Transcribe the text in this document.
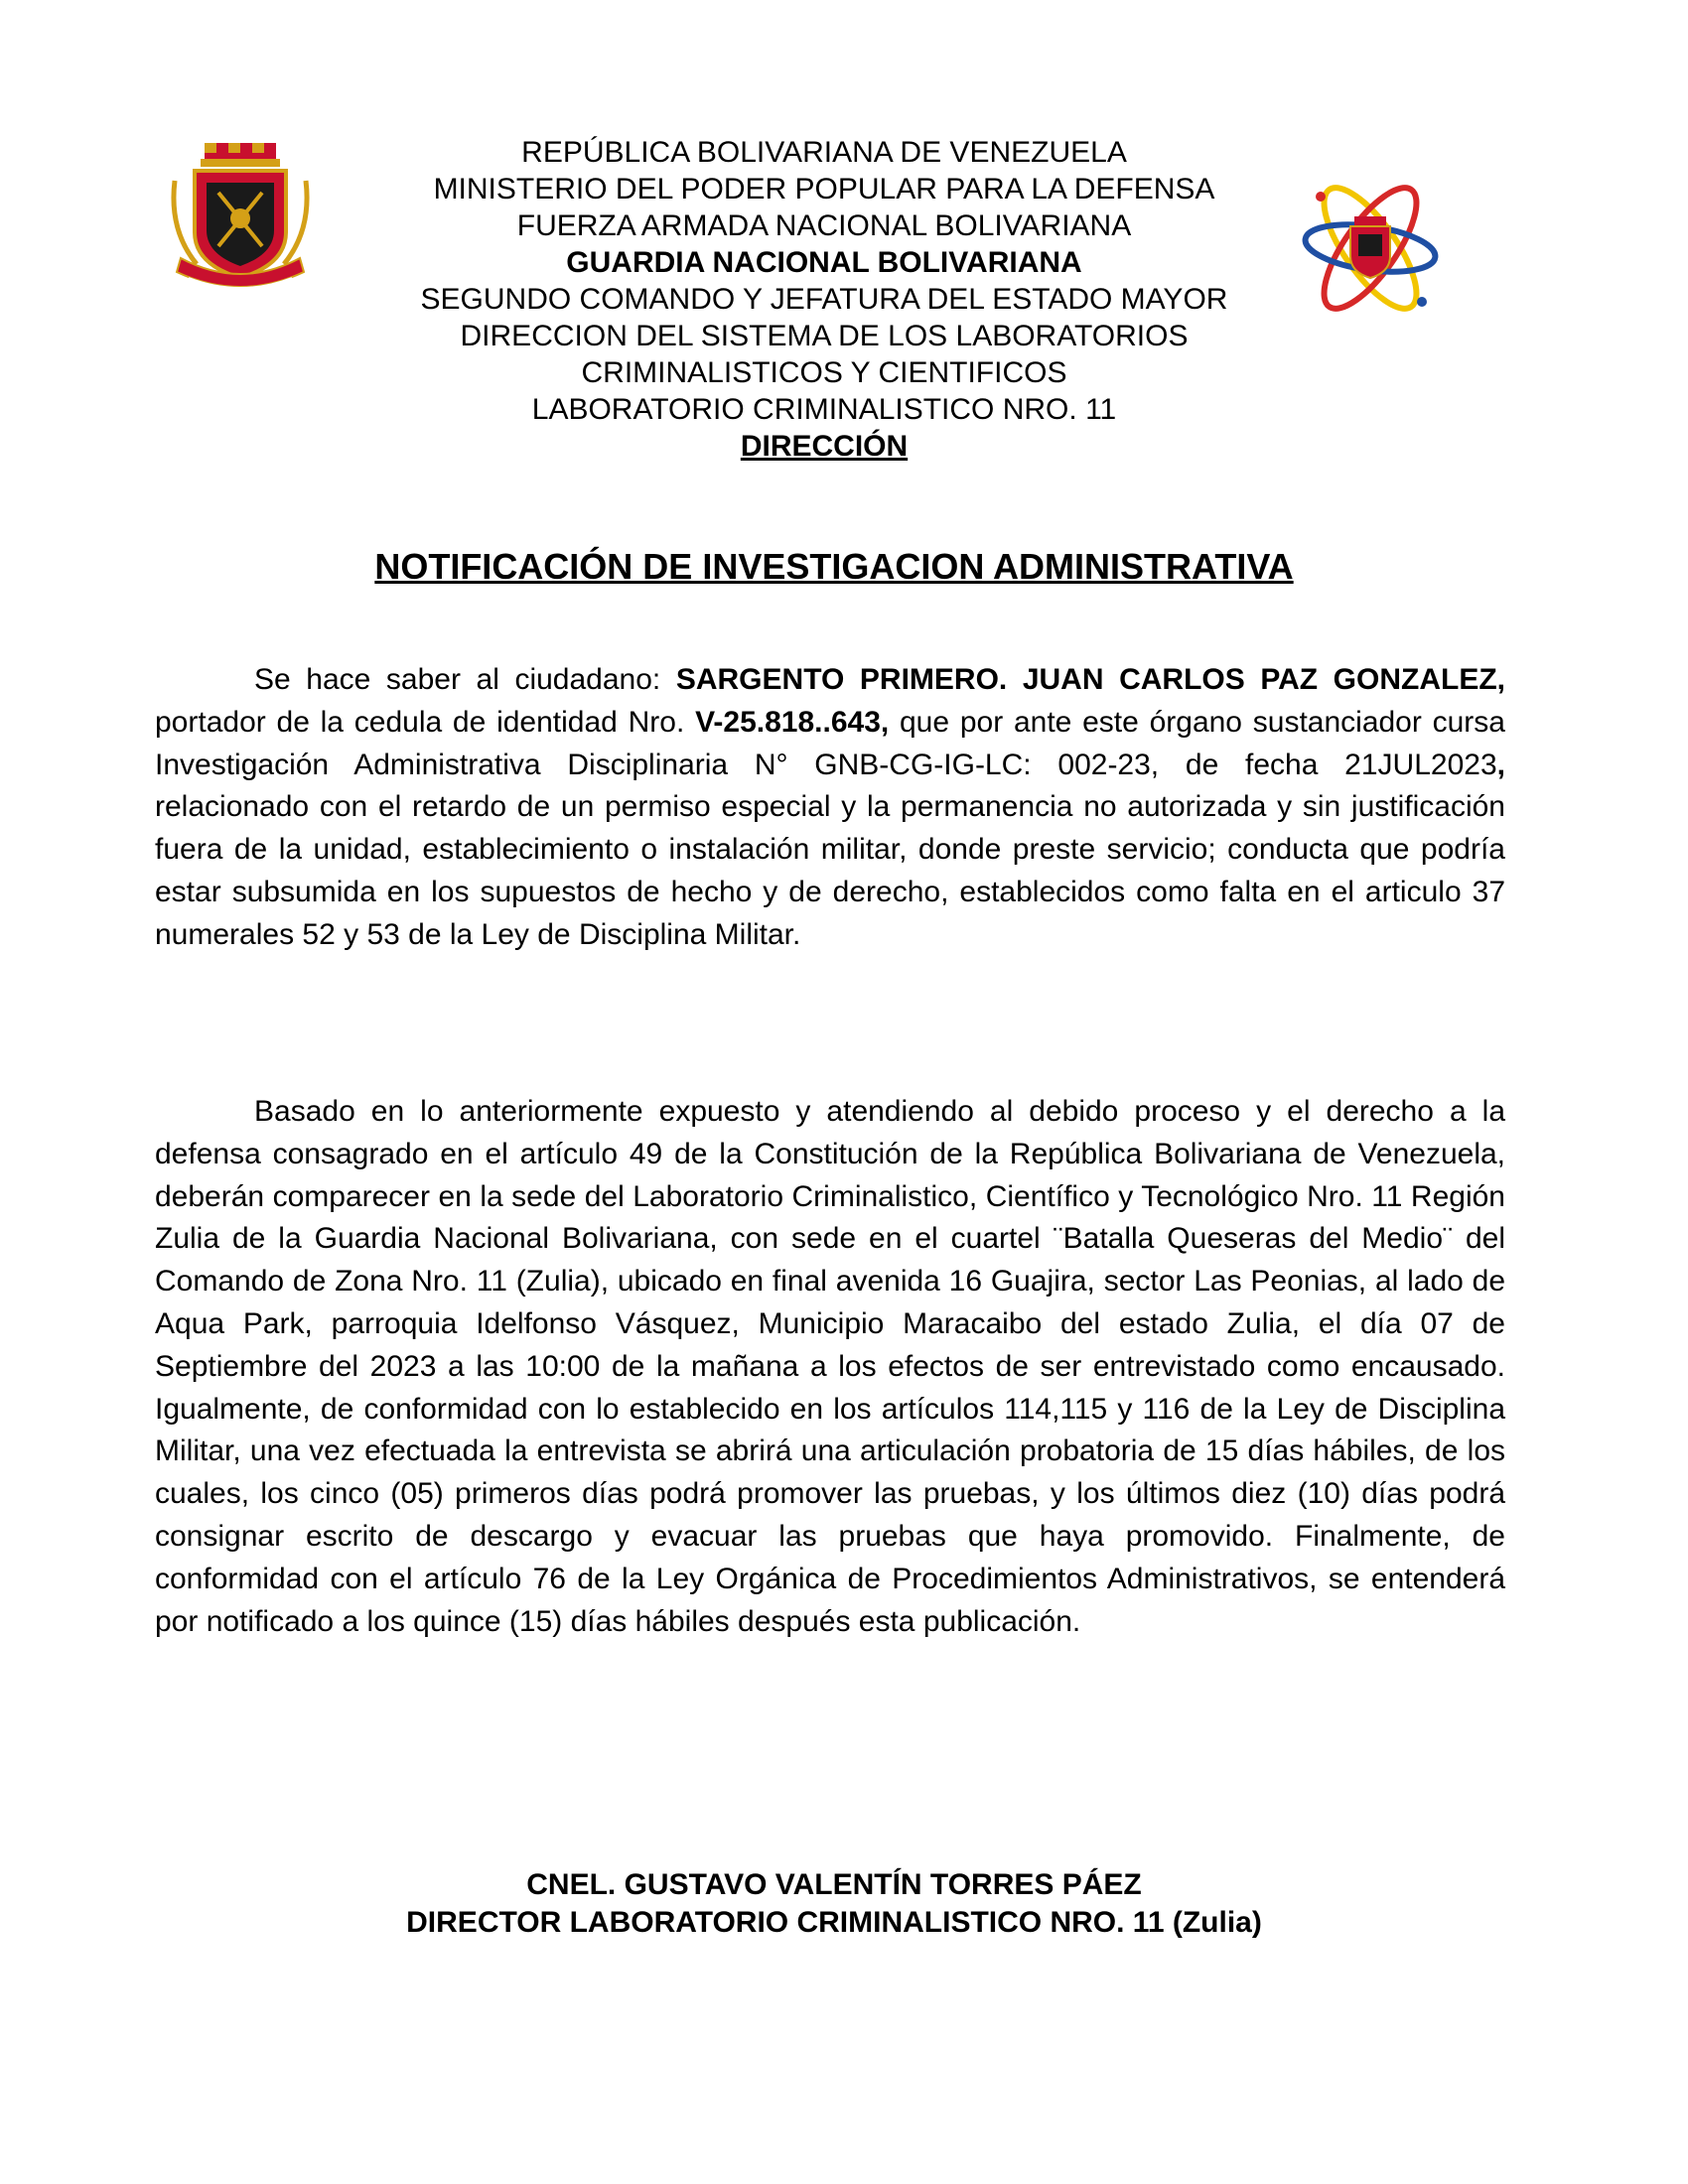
REPÚBLICA BOLIVARIANA DE VENEZUELA
MINISTERIO DEL PODER POPULAR PARA LA DEFENSA
FUERZA ARMADA NACIONAL BOLIVARIANA
GUARDIA NACIONAL BOLIVARIANA
SEGUNDO COMANDO Y JEFATURA DEL ESTADO MAYOR
DIRECCION DEL SISTEMA DE LOS LABORATORIOS
CRIMINALISTICOS Y CIENTIFICOS
LABORATORIO CRIMINALISTICO NRO. 11
DIRECCIÓN
NOTIFICACIÓN DE INVESTIGACION ADMINISTRATIVA
Se hace saber al ciudadano: SARGENTO PRIMERO. JUAN CARLOS PAZ GONZALEZ, portador de la cedula de identidad Nro. V-25.818..643, que por ante este órgano sustanciador cursa Investigación Administrativa Disciplinaria N° GNB-CG-IG-LC: 002-23, de fecha 21JUL2023, relacionado con el retardo de un permiso especial y la permanencia no autorizada y sin justificación fuera de la unidad, establecimiento o instalación militar, donde preste servicio; conducta que podría estar subsumida en los supuestos de hecho y de derecho, establecidos como falta en el articulo 37 numerales 52 y 53 de la Ley de Disciplina Militar.
Basado en lo anteriormente expuesto y atendiendo al debido proceso y el derecho a la defensa consagrado en el artículo 49 de la Constitución de la República Bolivariana de Venezuela, deberán comparecer en la sede del Laboratorio Criminalistico, Científico y Tecnológico Nro. 11 Región Zulia de la Guardia Nacional Bolivariana, con sede en el cuartel ¨Batalla Queseras del Medio¨ del Comando de Zona Nro. 11 (Zulia), ubicado en final avenida 16 Guajira, sector Las Peonias, al lado de Aqua Park, parroquia Idelfonso Vásquez, Municipio Maracaibo del estado Zulia, el día 07 de Septiembre del 2023 a las 10:00 de la mañana a los efectos de ser entrevistado como encausado. Igualmente, de conformidad con lo establecido en los artículos 114,115 y 116 de la Ley de Disciplina Militar, una vez efectuada la entrevista se abrirá una articulación probatoria de 15 días hábiles, de los cuales, los cinco (05) primeros días podrá promover las pruebas, y los últimos diez (10) días podrá consignar escrito de descargo y evacuar las pruebas que haya promovido. Finalmente, de conformidad con el artículo 76 de la Ley Orgánica de Procedimientos Administrativos, se entenderá por notificado a los quince (15) días hábiles después esta publicación.
CNEL. GUSTAVO VALENTÍN TORRES PÁEZ
DIRECTOR LABORATORIO CRIMINALISTICO NRO. 11 (Zulia)
